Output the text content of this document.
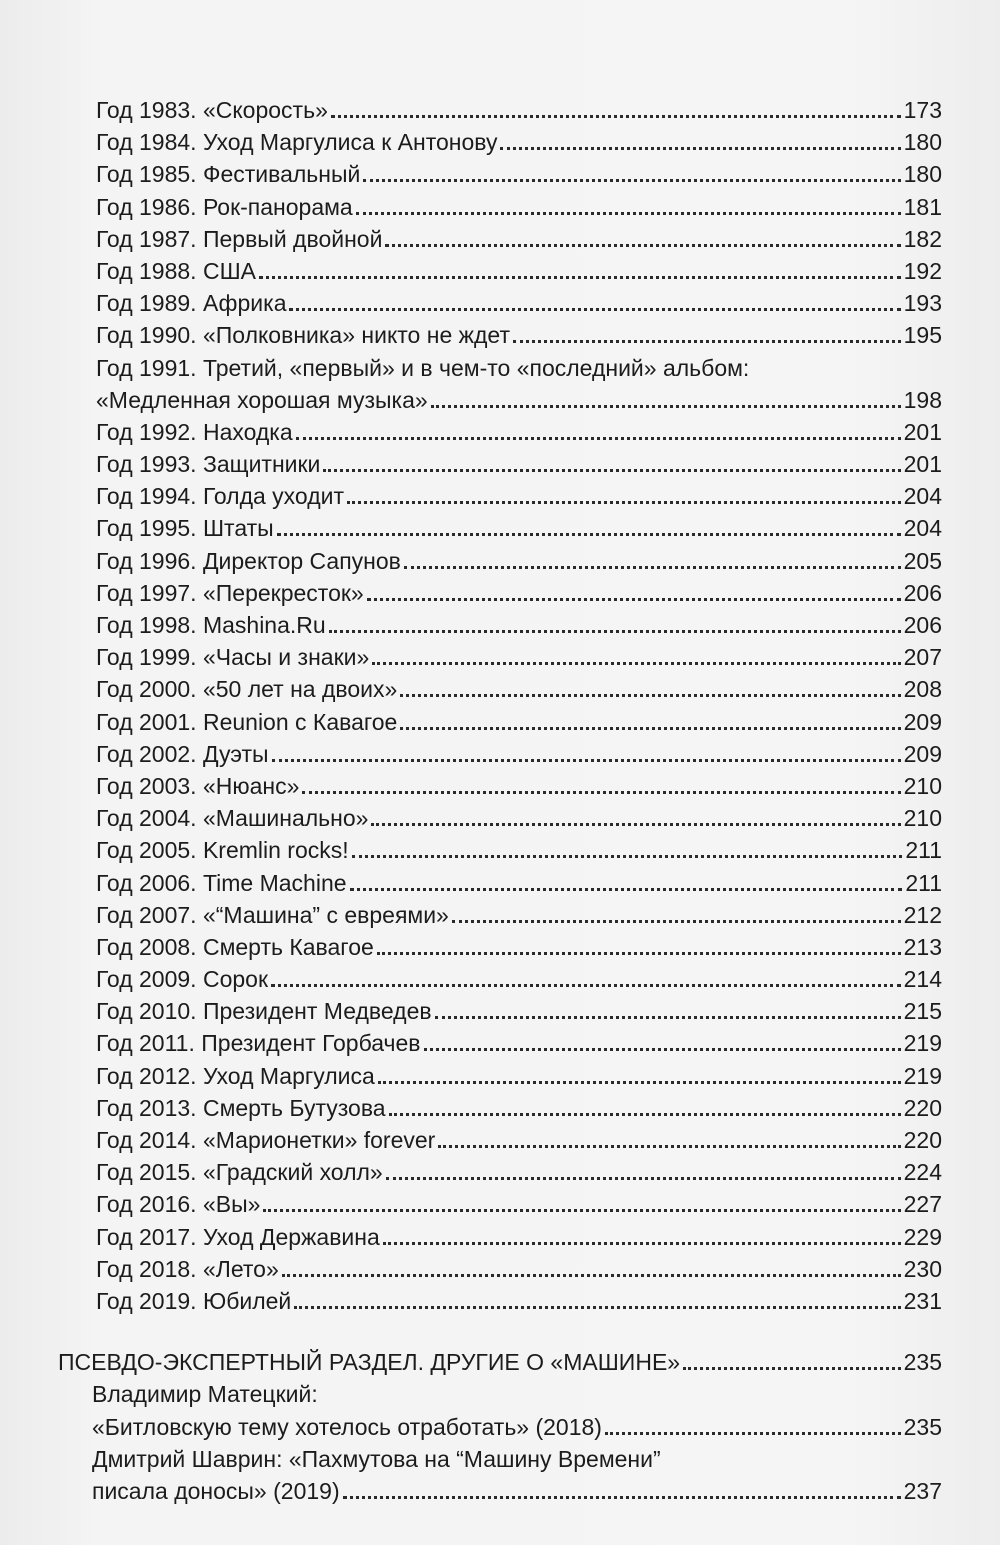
Год 1983. «Скорость»	173
Год 1984. Уход Маргулиса к Антонову	180
Год 1985. Фестивальный	180
Год 1986. Рок-панорама	181
Год 1987. Первый двойной	182
Год 1988. США	192
Год 1989. Африка	193
Год 1990. «Полковника» никто не ждет	195
Год 1991. Третий, «первый» и в чем-то «последний» альбом:
«Медленная хорошая музыка»	198
Год 1992. Находка	201
Год 1993. Защитники	201
Год 1994. Голда уходит	204
Год 1995. Штаты	204
Год 1996. Директор Сапунов	205
Год 1997. «Перекресток»	206
Год 1998. Mashina.Ru	206
Год 1999. «Часы и знаки»	207
Год 2000. «50 лет на двоих»	208
Год 2001. Reunion с Кавагое	209
Год 2002. Дуэты	209
Год 2003. «Нюанс»	210
Год 2004. «Машинально»	210
Год 2005. Kremlin rocks!	211
Год 2006. Time Machine	211
Год 2007. «“Машина” с евреями»	212
Год 2008. Смерть Кавагое	213
Год 2009. Сорок	214
Год 2010. Президент Медведев	215
Год 2011. Президент Горбачев	219
Год 2012. Уход Маргулиса	219
Год 2013. Смерть Бутузова	220
Год 2014. «Марионетки» forever	220
Год 2015. «Градский холл»	224
Год 2016. «Вы»	227
Год 2017. Уход Державина	229
Год 2018. «Лето»	230
Год 2019. Юбилей	231
ПСЕВДО-ЭКСПЕРТНЫЙ РАЗДЕЛ. ДРУГИЕ О «МАШИНЕ»	235
Владимир Матецкий:
«Битловскую тему хотелось отработать» (2018)	235
Дмитрий Шаврин: «Пахмутова на “Машину Времени”
писала доносы» (2019)	237
